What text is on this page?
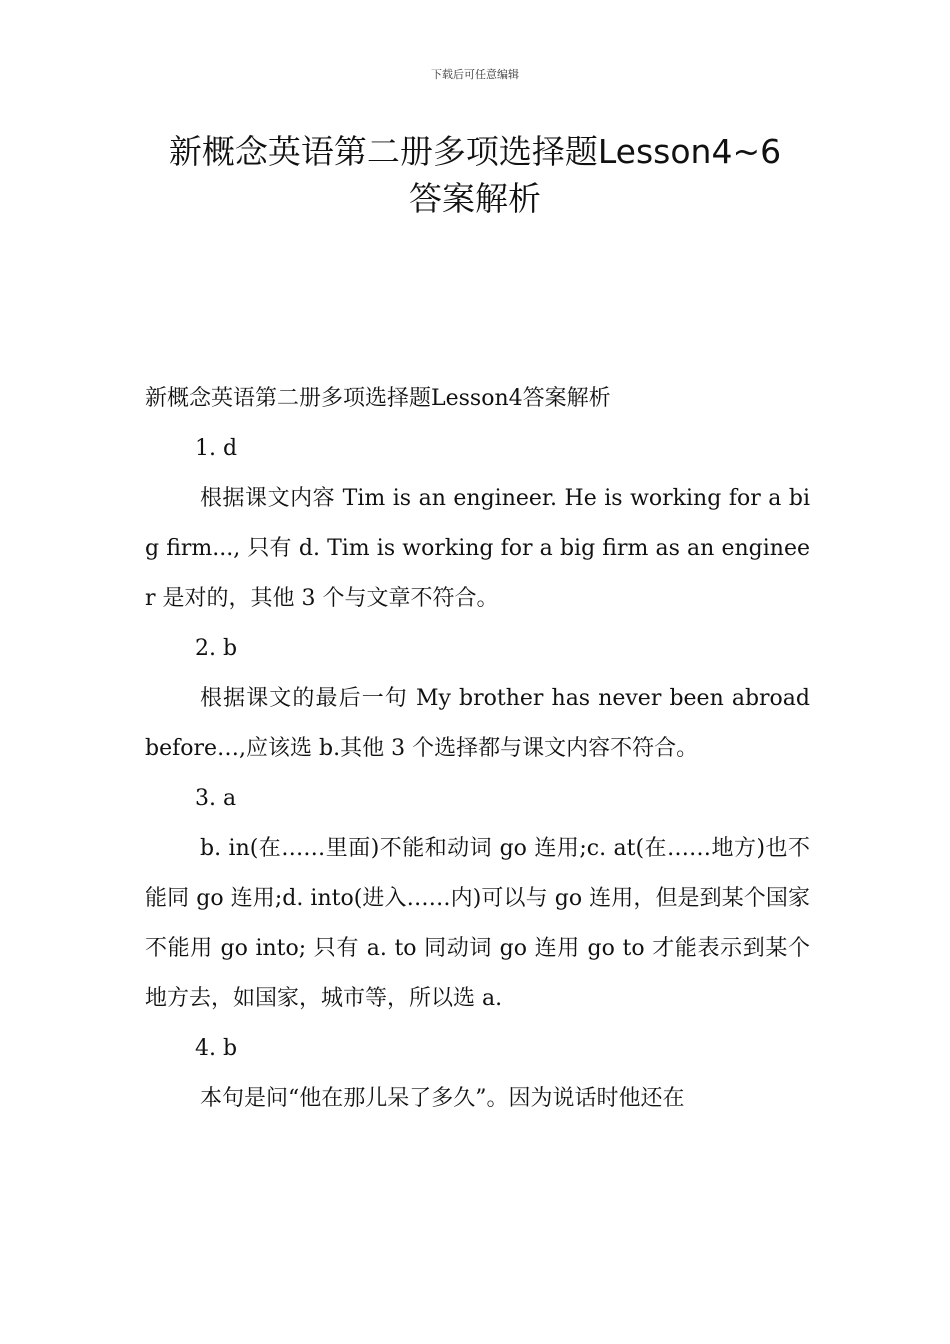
下载后可任意编辑
新概念英语第二册多项选择题Lesson4~6
答案解析

新概念英语第二册多项选择题Lesson4答案解析

1. d

根据课文内容 Tim is an engineer. He is working for a big firm..., 只有 d. Tim is working for a big firm as an engineer 是对的，其他 3 个与文章不符合。

2. b

根据课文的最后一句 My brother has never been abroad before…,应该选 b.其他 3 个选择都与课文内容不符合。

3. a

b. in(在……里面)不能和动词 go 连用;c. at(在……地方)也不能同 go 连用;d. into(进入……内)可以与 go 连用，但是到某个国家不能用 go into; 只有 a. to 同动词 go 连用 go to 才能表示到某个地方去，如国家，城市等，所以选 a.

4. b

本句是问“他在那儿呆了多久”。因为说话时他还在
